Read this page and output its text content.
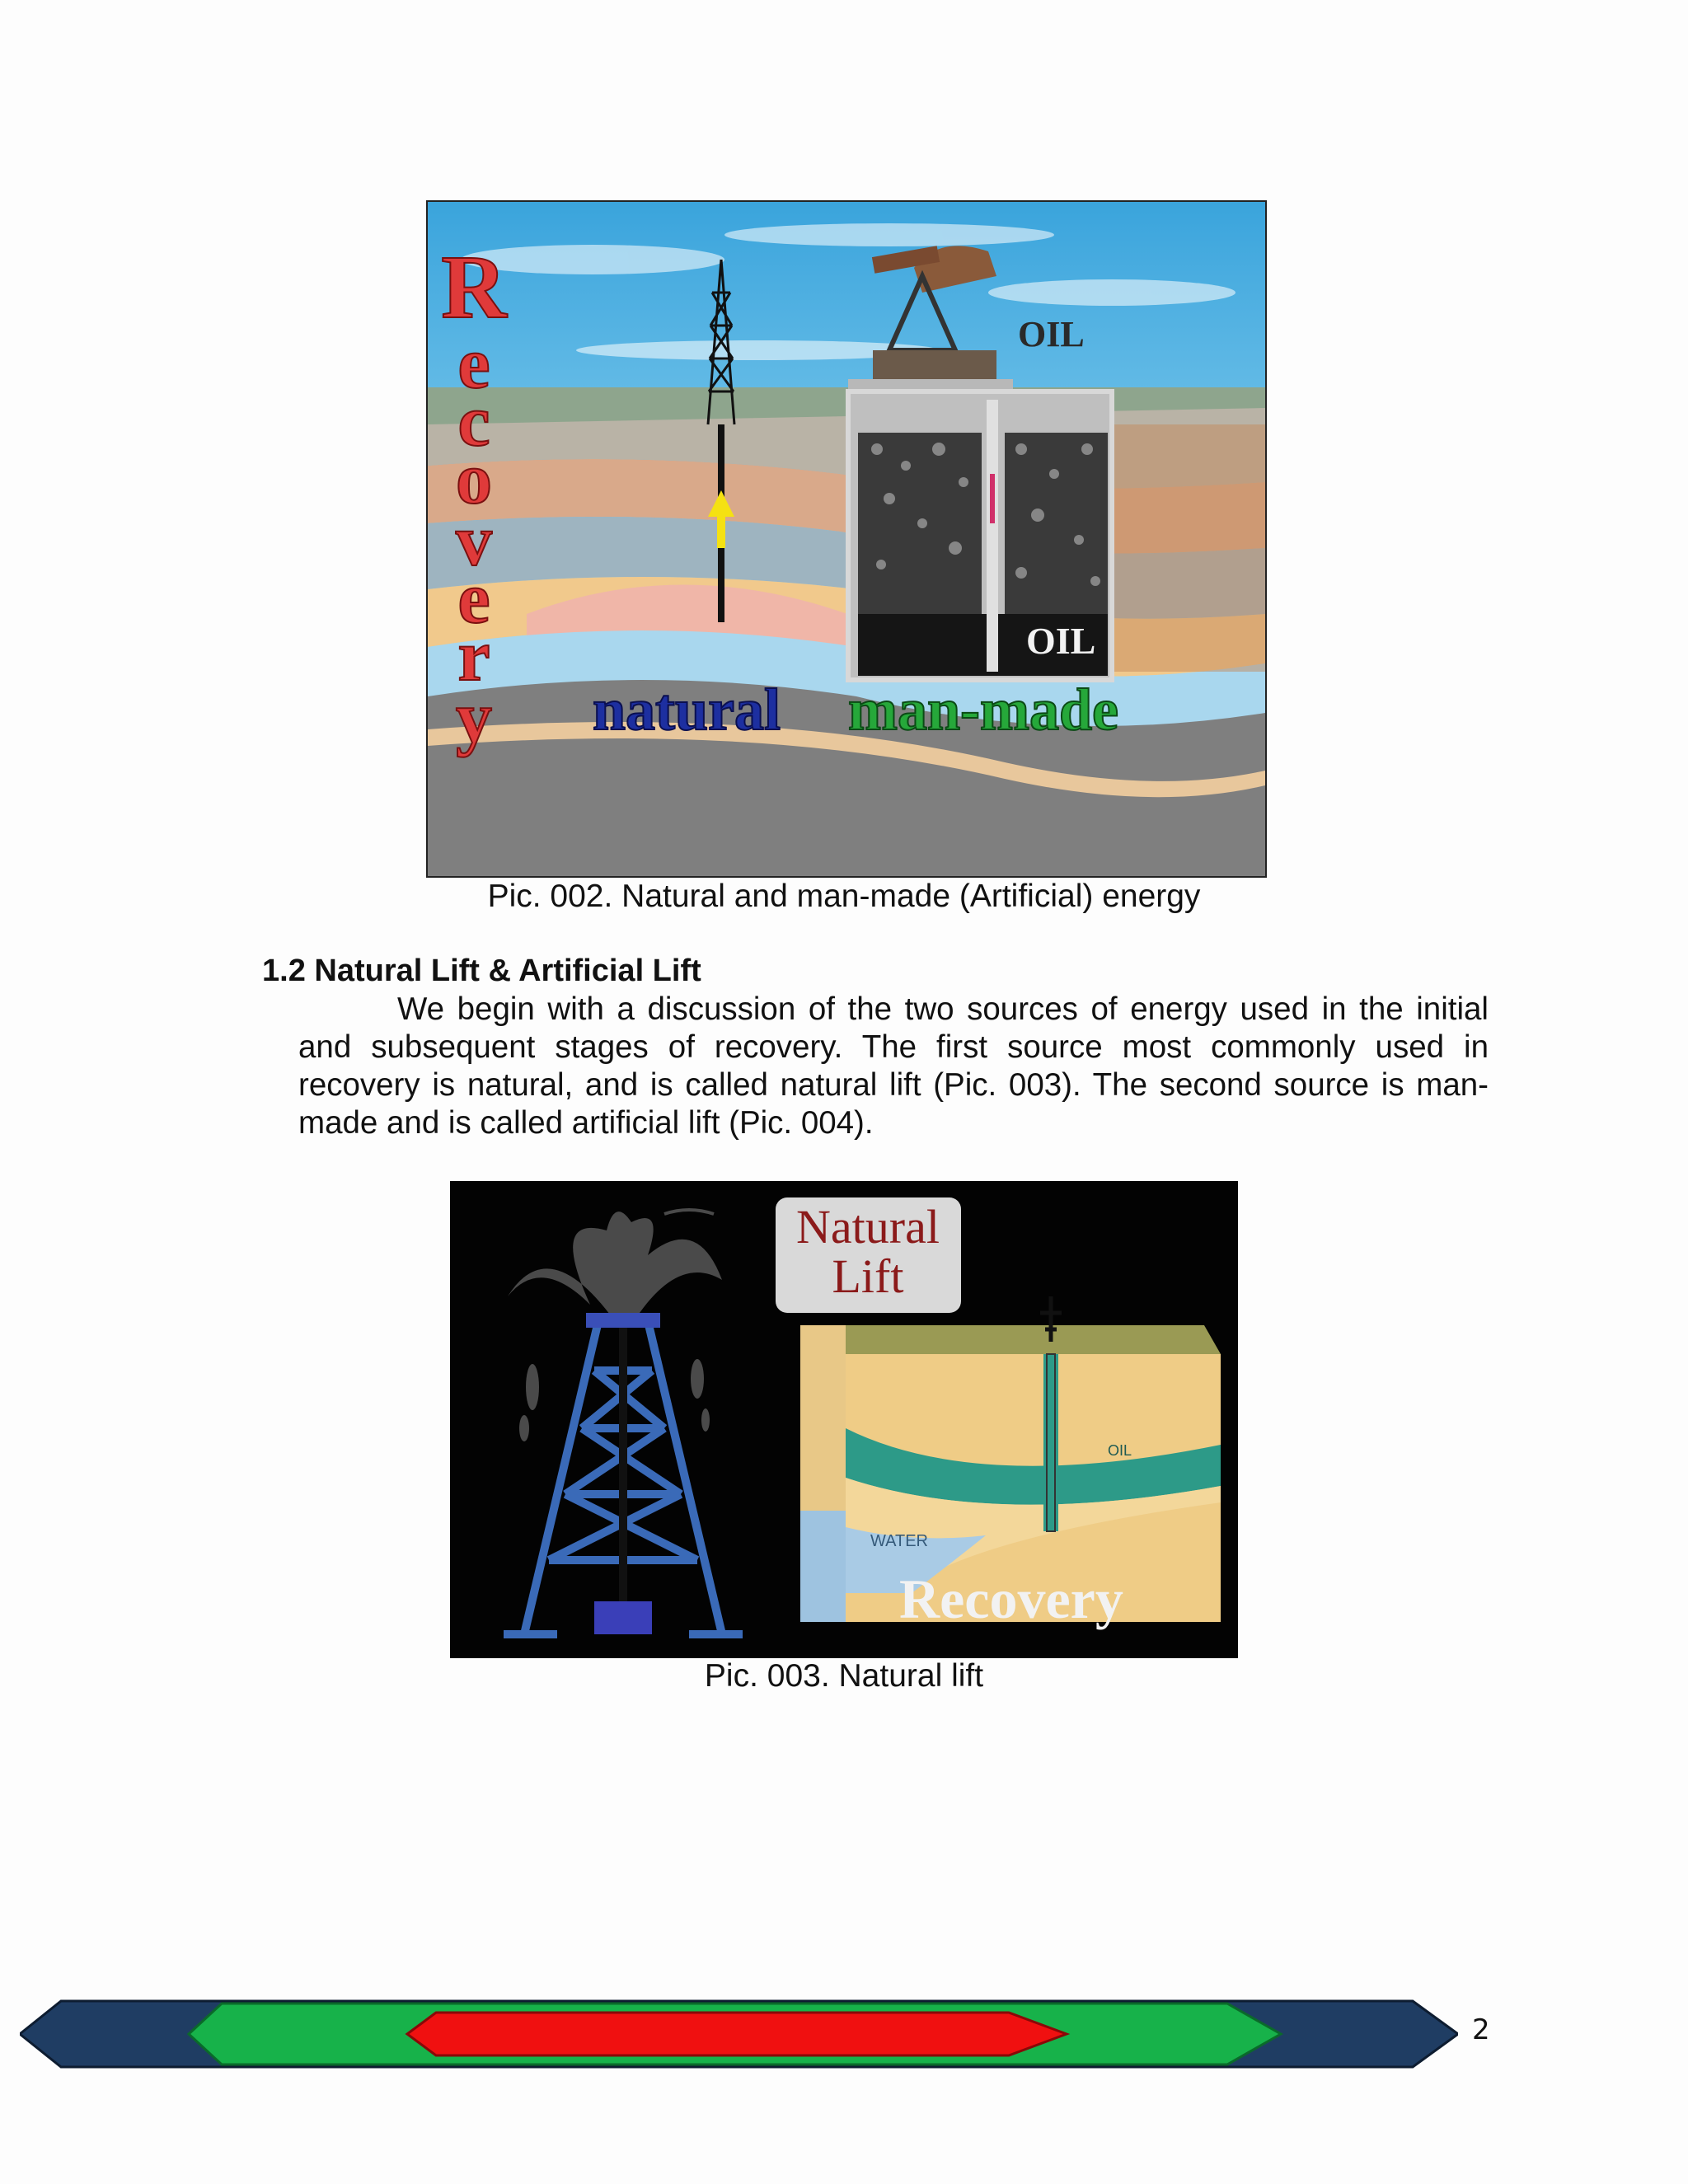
R e c o v e r y
OIL
OIL
natural man-made
Pic. 002. Natural and man-made (Artificial) energy
1.2 Natural Lift & Artificial Lift
We begin with a discussion of the two sources of energy used in the initial and subsequent stages of recovery. The first source most commonly used in recovery is natural, and is called natural lift (Pic. 003). The second source is man-made and is called artificial lift (Pic. 004).
Natural
Lift
OIL
WATER
Recovery
Pic. 003. Natural lift
2
